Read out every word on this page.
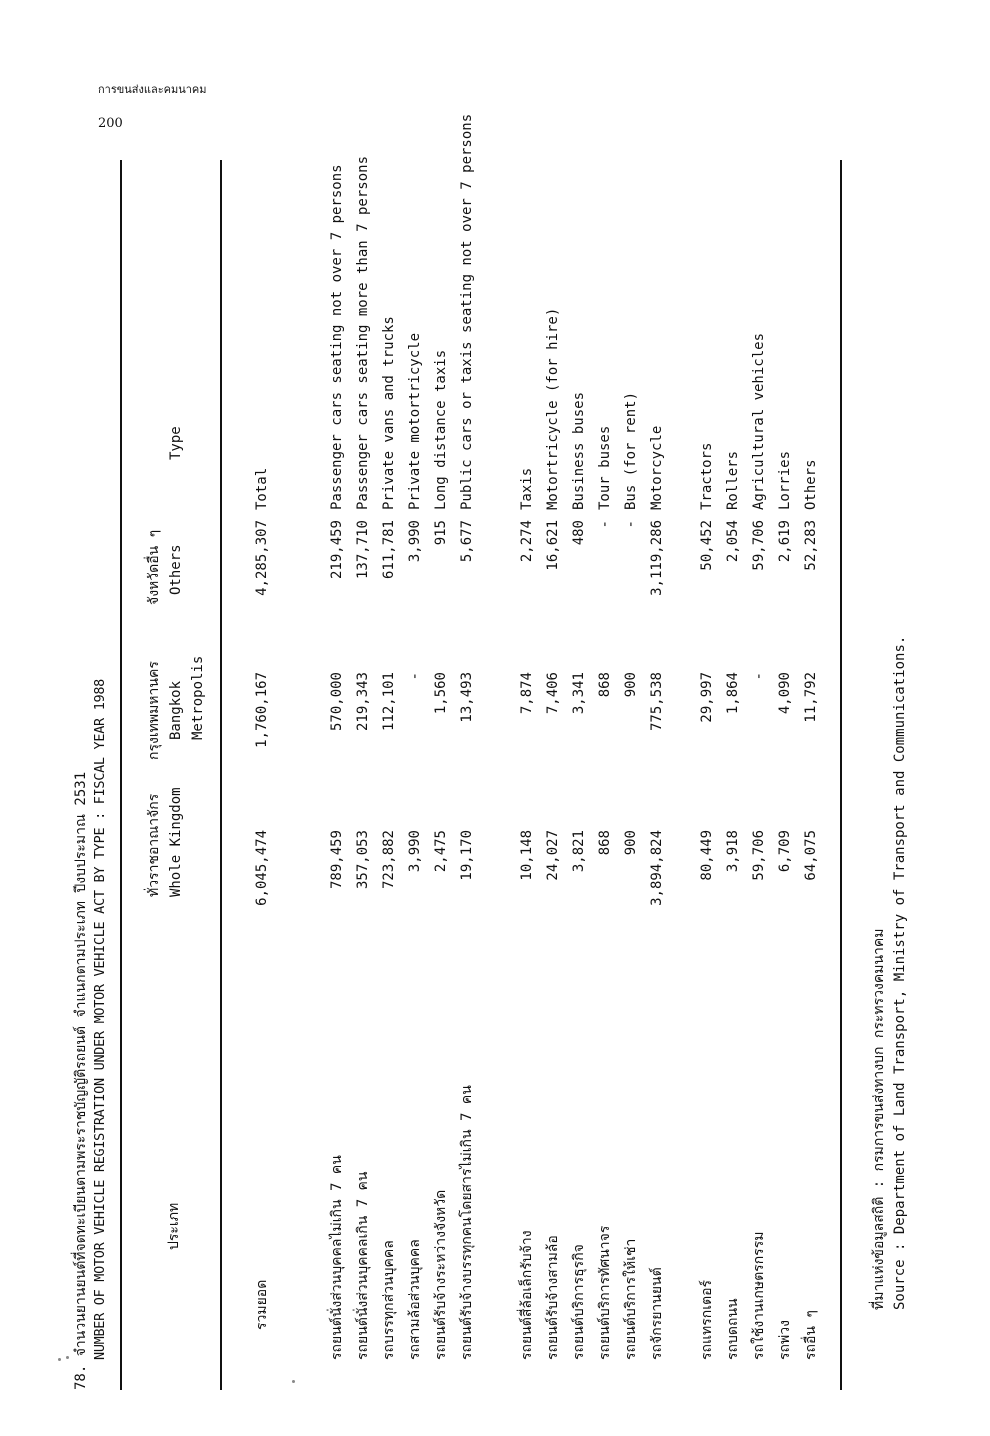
การขนส่งและคมนาคม
200
78. จำนวนยานยนต์ที่จดทะเบียนตามพระราชบัญญัติรถยนต์ จำแนกตามประเภท ปีงบประมาณ 2531 NUMBER OF MOTOR VEHICLE REGISTRATION UNDER MOTOR VEHICLE ACT BY TYPE : FISCAL YEAR 1988	ประเภท
ทั่วราชอาณาจักร Whole Kingdom
กรุงเทพมหานคร Bangkok Metropolis
จังหวัดอื่น ๆ Others
Type
รวมยอด
6,045,474
1,760,167
4,285,307
Total
รถยนต์นั่งส่วนบุคคลไม่เกิน 7 คน
789,459
570,000
219,459
Passenger cars seating not over 7 persons
รถยนต์นั่งส่วนบุคคลเกิน 7 คน
357,053
219,343
137,710
Passenger cars seating more than 7 persons
รถบรรทุกส่วนบุคคล
723,882
112,101
611,781
Private vans and trucks
รถสามล้อส่วนบุคคล
3,990
-
3,990
Private motortricycle
รถยนต์รับจ้างระหว่างจังหวัด
2,475
1,560
915
Long distance taxis
รถยนต์รับจ้างบรรทุกคนโดยสารไม่เกิน 7 คน
19,170
13,493
5,677
Public cars or taxis seating not over 7 persons
รถยนต์สี่ล้อเล็กรับจ้าง
10,148
7,874
2,274
Taxis
รถยนต์รับจ้างสามล้อ
24,027
7,406
16,621
Motortricycle (for hire)
รถยนต์บริการธุรกิจ
3,821
3,341
480
Business buses
รถยนต์บริการทัศนาจร
868
868
-
Tour buses
รถยนต์บริการให้เช่า
900
900
-
Bus (for rent)
รถจักรยานยนต์
3,894,824
775,538
3,119,286
Motorcycle
รถแทรกเตอร์
80,449
29,997
50,452
Tractors
รถบดถนน
3,918
1,864
2,054
Rollers
รถใช้งานเกษตรกรรม
59,706
-
59,706
Agricultural vehicles
รถพ่วง
6,709
4,090
2,619
Lorries
รถอื่น ๆ
64,075
11,792
52,283
Others
ที่มาแห่งข้อมูลสถิติ : กรมการขนส่งทางบก กระทรวงคมนาคม Source : Department of Land Transport, Ministry of Transport and Communications.
